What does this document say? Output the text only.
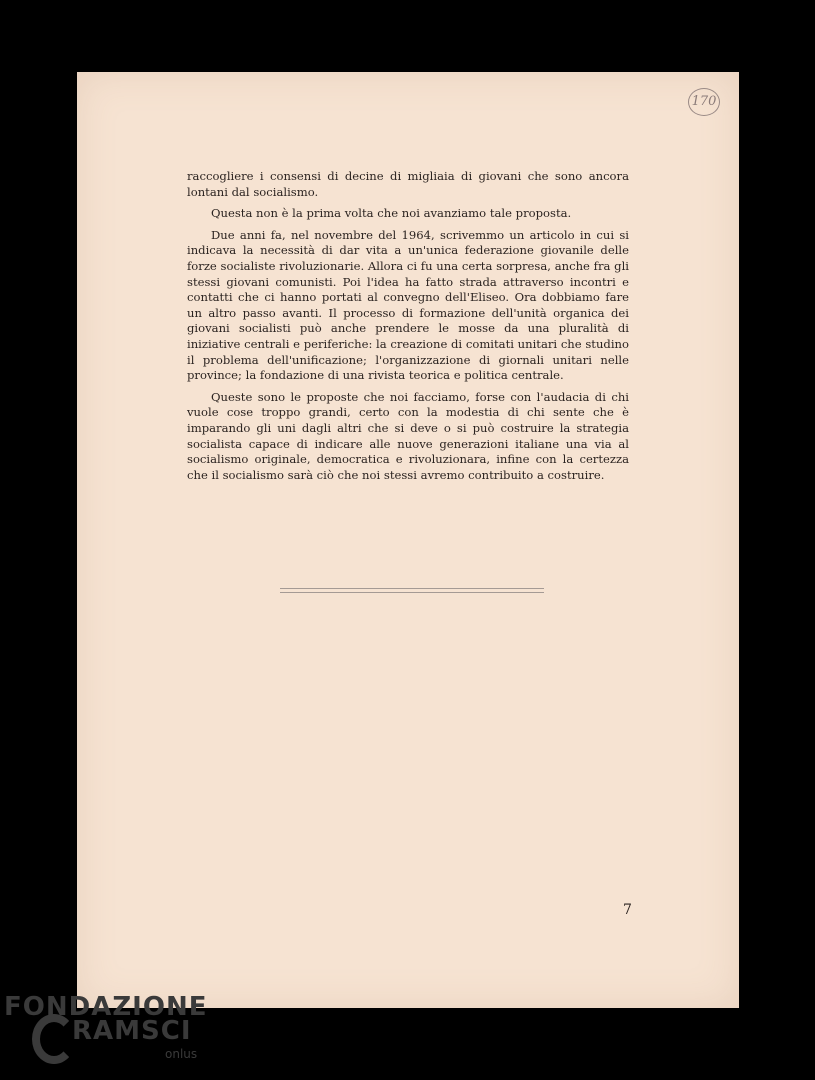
170

raccogliere i consensi di decine di migliaia di giovani che sono ancora lontani dal socialismo.

Questa non è la prima volta che noi avanziamo tale proposta.

Due anni fa, nel novembre del 1964, scrivemmo un articolo in cui si indicava la necessità di dar vita a un'unica federazione giovanile delle forze socialiste rivoluzionarie. Allora ci fu una certa sorpresa, anche fra gli stessi giovani comunisti. Poi l'idea ha fatto strada attraverso incontri e contatti che ci hanno portati al convegno dell'Eliseo. Ora dobbiamo fare un altro passo avanti. Il processo di formazione dell'unità organica dei giovani socialisti può anche prendere le mosse da una pluralità di iniziative centrali e periferiche: la creazione di comitati unitari che studino il problema dell'unificazione; l'organizzazione di giornali unitari nelle province; la fondazione di una rivista teorica e politica centrale.

Queste sono le proposte che noi facciamo, forse con l'audacia di chi vuole cose troppo grandi, certo con la modestia di chi sente che è imparando gli uni dagli altri che si deve o si può costruire la strategia socialista capace di indicare alle nuove generazioni italiane una via al socialismo originale, democratica e rivoluzionara, infine con la certezza che il socialismo sarà ciò che noi stessi avremo contribuito a costruire.

7
FONDAZIONE
RAMSCI
onlus
